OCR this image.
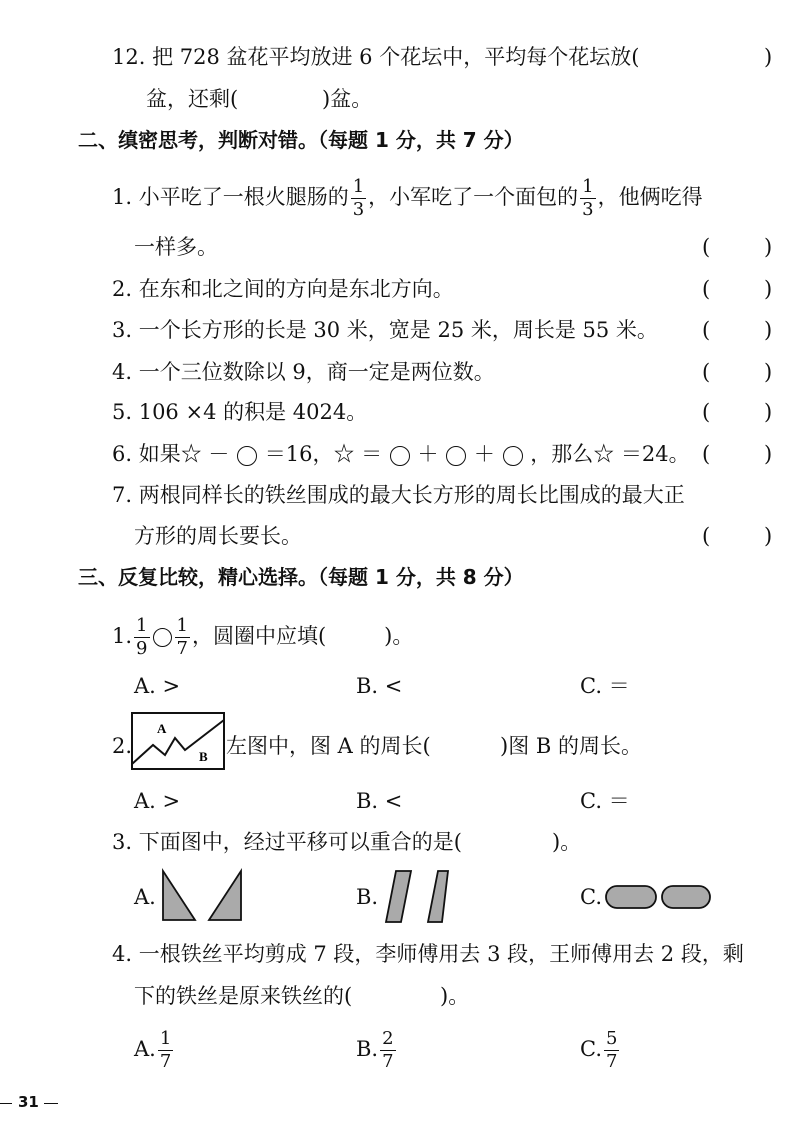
12. 把 728 盆花平均放进 6 个花坛中，平均每个花坛放(	)
盆，还剩(	)盆。
二、缜密思考，判断对错。（每题 1 分，共 7 分）
1. 小平吃了一根火腿肠的 $\frac{1}{3}$ ，小军吃了一个面包的 $\frac{1}{3}$ ，他俩吃得
一样多。	(	)
2. 在东和北之间的方向是东北方向。	(	)
3. 一个长方形的长是 30 米，宽是 25 米，周长是 55 米。 (	)
4. 一个三位数除以 9，商一定是两位数。	(	)
5. 106 ×4 的积是 4024。	(	)
6. 如果☆ －  ＝16，☆ ＝  ＋  ＋  ，那么☆ ＝24。 (	)
7. 两根同样长的铁丝围成的最大长方形的周长比围成的最大正
方形的周长要长。	(	)
三、反复比较，精心选择。（每题 1 分，共 8 分）
1. $\frac{1}{9} \frac{1}{7}$ ，圆圈中应填(	)。
A. >	B. <	C. ＝
2.
A
B 左图中，图 A 的周长(	)图 B 的周长。
A. >	B. <	C. ＝
3. 下面图中，经过平移可以重合的是(	)。
A.	B.	C.
4. 一根铁丝平均剪成 7 段，李师傅用去 3 段，王师傅用去 2 段，剩
下的铁丝是原来铁丝的(	)。
A. $\frac{1}{7}$	B. $\frac{2}{7}$	C. $\frac{5}{7}$
31
